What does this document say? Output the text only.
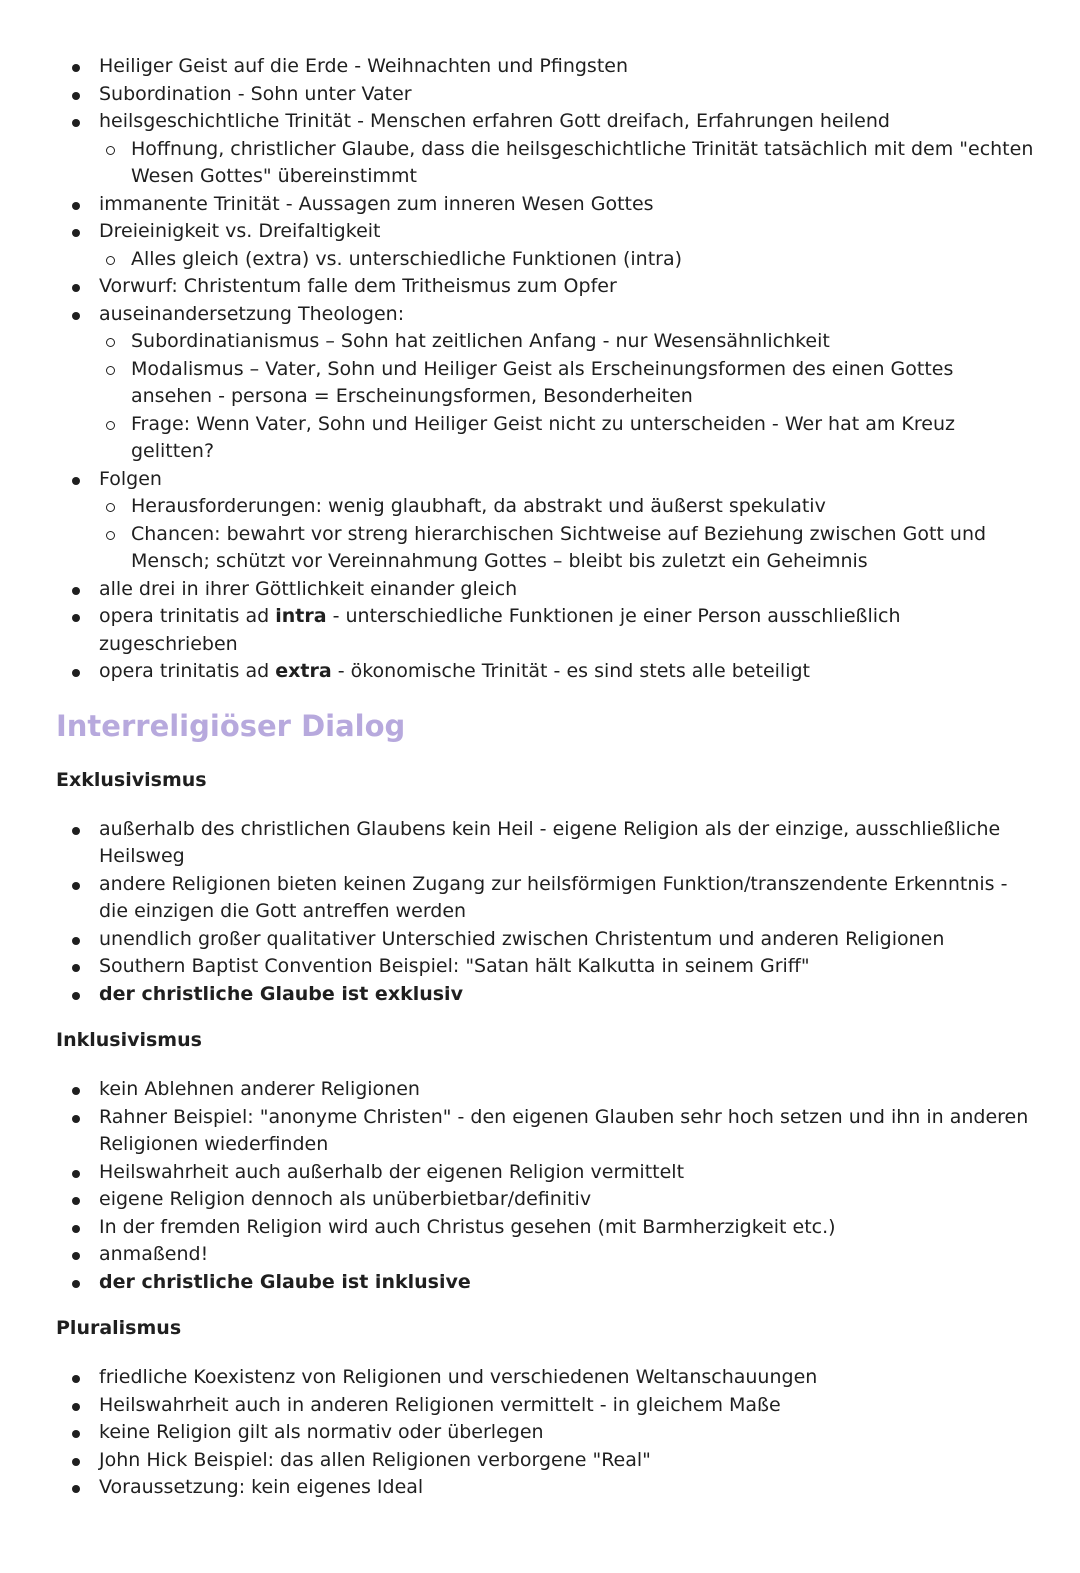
Heiliger Geist auf die Erde - Weihnachten und Pfingsten
Subordination - Sohn unter Vater
heilsgeschichtliche Trinität - Menschen erfahren Gott dreifach, Erfahrungen heilend
Hoffnung, christlicher Glaube, dass die heilsgeschichtliche Trinität tatsächlich mit dem "echten Wesen Gottes" übereinstimmt
immanente Trinität - Aussagen zum inneren Wesen Gottes
Dreieinigkeit vs. Dreifaltigkeit
Alles gleich (extra) vs. unterschiedliche Funktionen (intra)
Vorwurf: Christentum falle dem Tritheismus zum Opfer
auseinandersetzung Theologen:
Subordinatianismus – Sohn hat zeitlichen Anfang - nur Wesensähnlichkeit
Modalismus – Vater, Sohn und Heiliger Geist als Erscheinungsformen des einen Gottes ansehen - persona = Erscheinungsformen, Besonderheiten
Frage: Wenn Vater, Sohn und Heiliger Geist nicht zu unterscheiden - Wer hat am Kreuz gelitten?
Folgen
Herausforderungen: wenig glaubhaft, da abstrakt und äußerst spekulativ
Chancen: bewahrt vor streng hierarchischen Sichtweise auf Beziehung zwischen Gott und Mensch; schützt vor Vereinnahmung Gottes – bleibt bis zuletzt ein Geheimnis
alle drei in ihrer Göttlichkeit einander gleich
opera trinitatis ad intra - unterschiedliche Funktionen je einer Person ausschließlich zugeschrieben
opera trinitatis ad extra - ökonomische Trinität - es sind stets alle beteiligt
Interreligiöser Dialog
Exklusivismus
außerhalb des christlichen Glaubens kein Heil - eigene Religion als der einzige, ausschließliche Heilsweg
andere Religionen bieten keinen Zugang zur heilsförmigen Funktion/transzendente Erkenntnis - die einzigen die Gott antreffen werden
unendlich großer qualitativer Unterschied zwischen Christentum und anderen Religionen
Southern Baptist Convention Beispiel: "Satan hält Kalkutta in seinem Griff"
der christliche Glaube ist exklusiv
Inklusivismus
kein Ablehnen anderer Religionen
Rahner Beispiel: "anonyme Christen" - den eigenen Glauben sehr hoch setzen und ihn in anderen Religionen wiederfinden
Heilswahrheit auch außerhalb der eigenen Religion vermittelt
eigene Religion dennoch als unüberbietbar/definitiv
In der fremden Religion wird auch Christus gesehen (mit Barmherzigkeit etc.)
anmaßend!
der christliche Glaube ist inklusive
Pluralismus
friedliche Koexistenz von Religionen und verschiedenen Weltanschauungen
Heilswahrheit auch in anderen Religionen vermittelt - in gleichem Maße
keine Religion gilt als normativ oder überlegen
John Hick Beispiel: das allen Religionen verborgene "Real"
Voraussetzung: kein eigenes Ideal
